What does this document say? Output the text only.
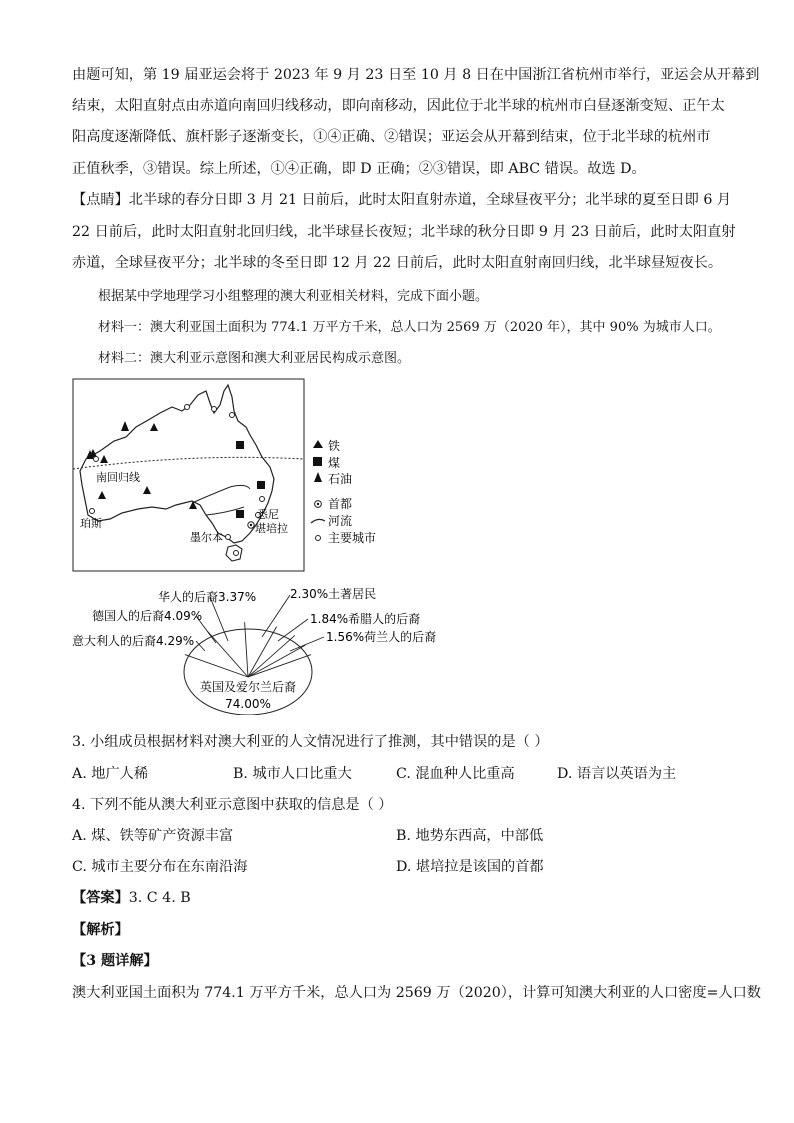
由题可知，第 19 届亚运会将于 2023 年 9 月 23 日至 10 月 8 日在中国浙江省杭州市举行，亚运会从开幕到
结束，太阳直射点由赤道向南回归线移动，即向南移动，因此位于北半球的杭州市白昼逐渐变短、正午太
阳高度逐渐降低、旗杆影子逐渐变长，①④正确、②错误；亚运会从开幕到结束，位于北半球的杭州市
正值秋季，③错误。综上所述，①④正确，即 D 正确；②③错误，即 ABC 错误。故选 D。
【点睛】北半球的春分日即 3 月 21 日前后，此时太阳直射赤道，全球昼夜平分；北半球的夏至日即 6 月
22 日前后，此时太阳直射北回归线，北半球昼长夜短；北半球的秋分日即 9 月 23 日前后，此时太阳直射
赤道，全球昼夜平分；北半球的冬至日即 12 月 22 日前后，此时太阳直射南回归线，北半球昼短夜长。
根据某中学地理学习小组整理的澳大利亚相关材料，完成下面小题。
材料一：澳大利亚国土面积为 774.1 万平方千米，总人口为 2569 万（2020 年），其中 90% 为城市人口。
材料二：澳大利亚示意图和澳大利亚居民构成示意图。
南回归线
珀斯
墨尔本
悉尼
堪培拉
铁
煤
石油
首都
河流
主要城市
英国及爱尔兰后裔
74.00%
华人的后裔3.37%
德国人的后裔4.09%
意大利人的后裔4.29%
2.30%土著居民
1.84%希腊人的后裔
1.56%荷兰人的后裔
3. 小组成员根据材料对澳大利亚的人文情况进行了推测，其中错误的是（ ）
A. 地广人稀	B. 城市人口比重大	C. 混血种人比重高	D. 语言以英语为主
4. 下列不能从澳大利亚示意图中获取的信息是（ ）
A. 煤、铁等矿产资源丰富	B. 地势东西高，中部低
C. 城市主要分布在东南沿海	D. 堪培拉是该国的首都
【答案】3. C 4. B
【解析】
【3 题详解】
澳大利亚国土面积为 774.1 万平方千米，总人口为 2569 万（2020），计算可知澳大利亚的人口密度=人口数
